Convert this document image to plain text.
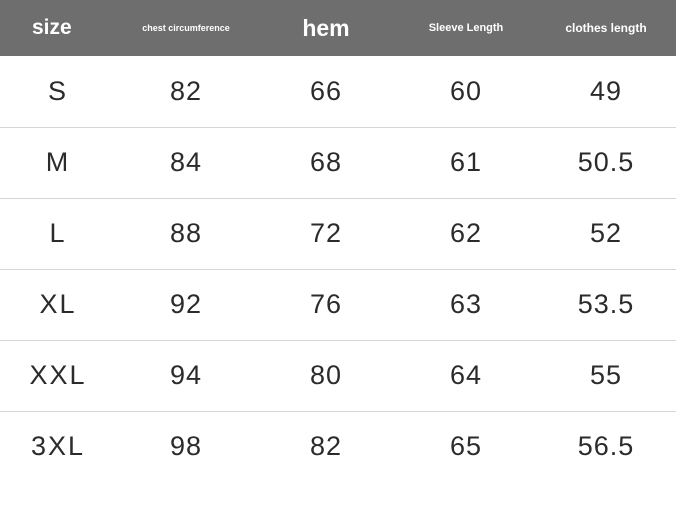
size	chest circumference	hem	Sleeve Length	clothes length
S	82	66	60	49
M	84	68	61	50.5
L	88	72	62	52
XL	92	76	63	53.5
XXL	94	80	64	55
3XL	98	82	65	56.5
